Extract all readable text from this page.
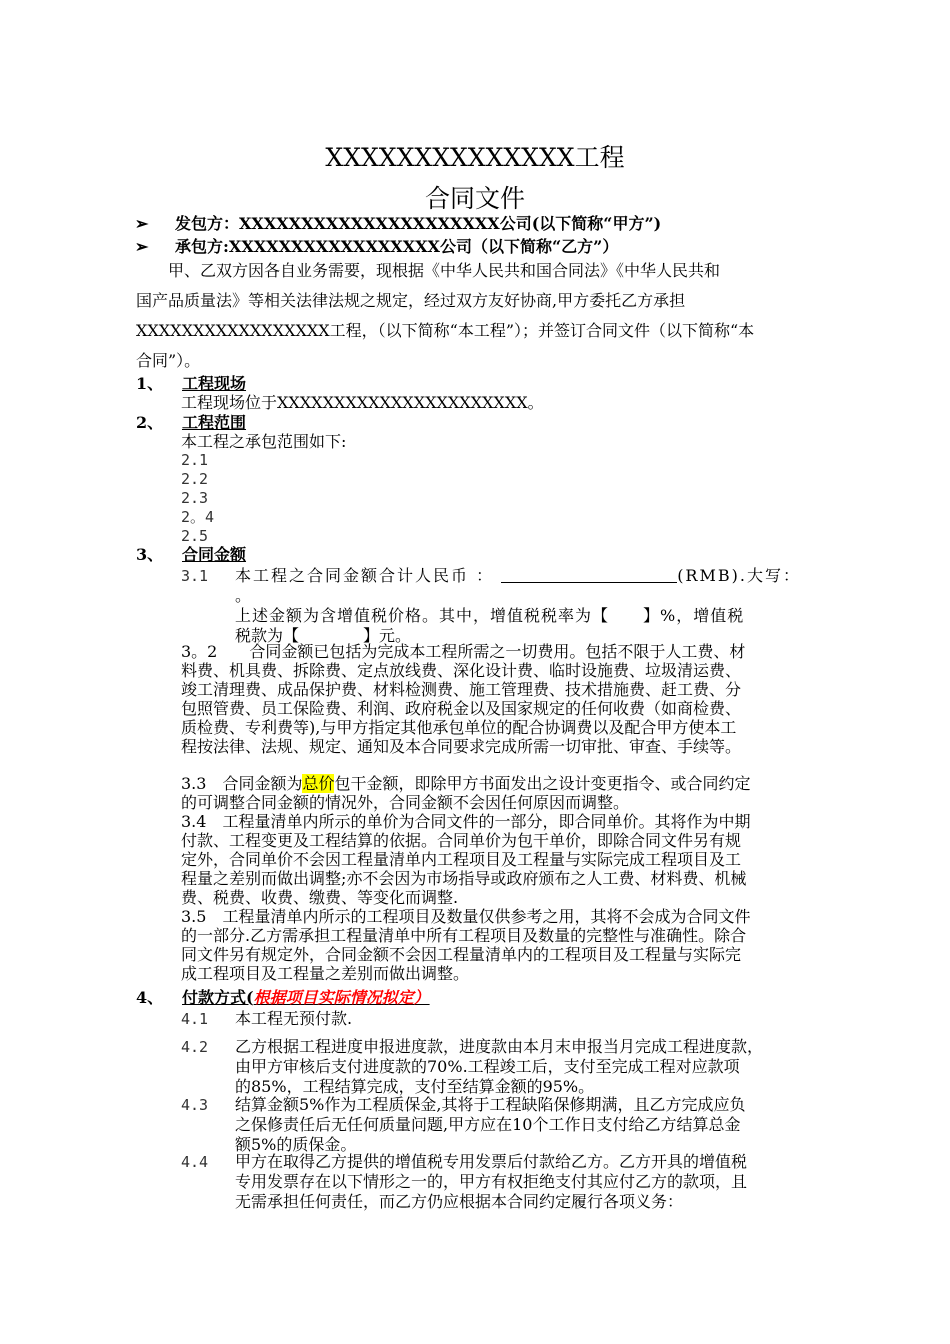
XXXXXXXXXXXXXX工程
合同文件
➢ 发包方：XXXXXXXXXXXXXXXXXXXXX公司(以下简称“甲方”)
➢ 承包方:XXXXXXXXXXXXXXXXX公司（以下简称“乙方”）

　　甲、乙双方因各自业务需要，现根据《中华人民共和国合同法》《中华人民共和

国产品质量法》等相关法律法规之规定，经过双方友好协商,甲方委托乙方承担

XXXXXXXXXXXXXXXXX工程，（以下简称“本工程”）；并签订合同文件（以下简称“本

合同”）。

1、 工程现场
工程现场位于XXXXXXXXXXXXXXXXXXXXXX。
2、 工程范围
本工程之承包范围如下:
2.1
2.2
2.3
2。4
2.5
3、 合同金额
3.1 本工程之合同金额合计人民币 ：	(RMB).大写：

。

上述金额为含增值税价格。其中，增值税税率为【　　】%，增值税

税款为【　　　　】元。

3。2　　合同金额已包括为完成本工程所需之一切费用。包括不限于人工费、材

料费、机具费、拆除费、定点放线费、深化设计费、临时设施费、垃圾清运费、

竣工清理费、成品保护费、材料检测费、施工管理费、技术措施费、赶工费、分

包照管费、员工保险费、利润、政府税金以及国家规定的任何收费（如商检费、

质检费、专利费等),与甲方指定其他承包单位的配合协调费以及配合甲方使本工

程按法律、法规、规定、通知及本合同要求完成所需一切审批、审查、手续等。

3.3　合同金额为总价包干金额，即除甲方书面发出之设计变更指令、或合同约定

的可调整合同金额的情况外，合同金额不会因任何原因而调整。

3.4　工程量清单内所示的单价为合同文件的一部分，即合同单价。其将作为中期

付款、工程变更及工程结算的依据。合同单价为包干单价，即除合同文件另有规

定外，合同单价不会因工程量清单内工程项目及工程量与实际完成工程项目及工

程量之差别而做出调整;亦不会因为市场指导或政府颁布之人工费、材料费、机械

费、税费、收费、缴费、等变化而调整.

3.5　工程量清单内所示的工程项目及数量仅供参考之用，其将不会成为合同文件

的一部分.乙方需承担工程量清单中所有工程项目及数量的完整性与准确性。除合

同文件另有规定外，合同金额不会因工程量清单内的工程项目及工程量与实际完

成工程项目及工程量之差别而做出调整。

4、 付款方式(根据项目实际情况拟定）
4.1 本工程无预付款.

4.2 乙方根据工程进度申报进度款，进度款由本月末申报当月完成工程进度款，

由甲方审核后支付进度款的70%.工程竣工后，支付至完成工程对应款项

的85%，工程结算完成，支付至结算金额的95%。

4.3 结算金额5%作为工程质保金,其将于工程缺陷保修期满，且乙方完成应负

之保修责任后无任何质量问题,甲方应在10个工作日支付给乙方结算总金

额5%的质保金。

4.4 甲方在取得乙方提供的增值税专用发票后付款给乙方。乙方开具的增值税

专用发票存在以下情形之一的，甲方有权拒绝支付其应付乙方的款项，且

无需承担任何责任，而乙方仍应根据本合同约定履行各项义务：
